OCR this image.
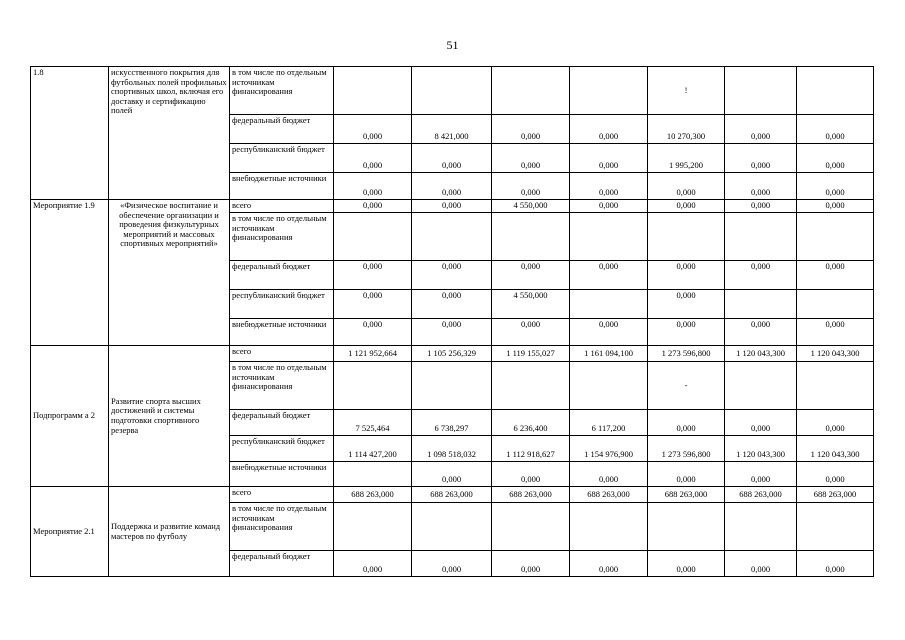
51
1.8	искусственного покрытия для футбольных полей профильных спортивных школ, включая его доставку и сертификацию полей	в том числе по отдельным источникам финансирования					!		
		федеральный бюджет	0,000	8 421,000	0,000	0,000	10 270,300	0,000	0,000
		республиканский бюджет	0,000	0,000	0,000	0,000	1 995,200	0,000	0,000
		внебюджетные источники	0,000	0,000	0,000	0,000	0,000	0,000	0,000
Мероприятие 1.9	«Физическое воспитание и обеспечение организации и проведения физкультурных мероприятий и массовых спортивных мероприятий»	всего	0,000	0,000	4 550,000	0,000	0,000	0,000	0,000
		в том числе по отдельным источникам финансирования							
		федеральный бюджет	0,000	0,000	0,000	0,000	0,000	0,000	0,000
		республиканский бюджет	0,000	0,000	4 550,000		0,000		
		внебюджетные источники	0,000	0,000	0,000	0,000	0,000	0,000	0,000
Подпрограмм а 2	Развитие спорта высших достижений и системы подготовки спортивного резерва	всего	1 121 952,664	1 105 256,329	1 119 155,027	1 161 094,100	1 273 596,800	1 120 043,300	1 120 043,300
		в том числе по отдельным источникам финансирования					-		
		федеральный бюджет	7 525,464	6 738,297	6 236,400	6 117,200	0,000	0,000	0,000
		республиканский бюджет	1 114 427,200	1 098 518,032	1 112 918,627	1 154 976,900	1 273 596,800	1 120 043,300	1 120 043,300
		внебюджетные источники		0,000	0,000	0,000	0,000	0,000	0,000
Мероприятие 2.1	Поддержка и развитие команд мастеров по футболу	всего	688 263,000	688 263,000	688 263,000	688 263,000	688 263,000	688 263,000	688 263,000
		в том числе по отдельным источникам финансирования							
		федеральный бюджет	0,000	0,000	0,000	0,000	0,000	0,000	0,000
